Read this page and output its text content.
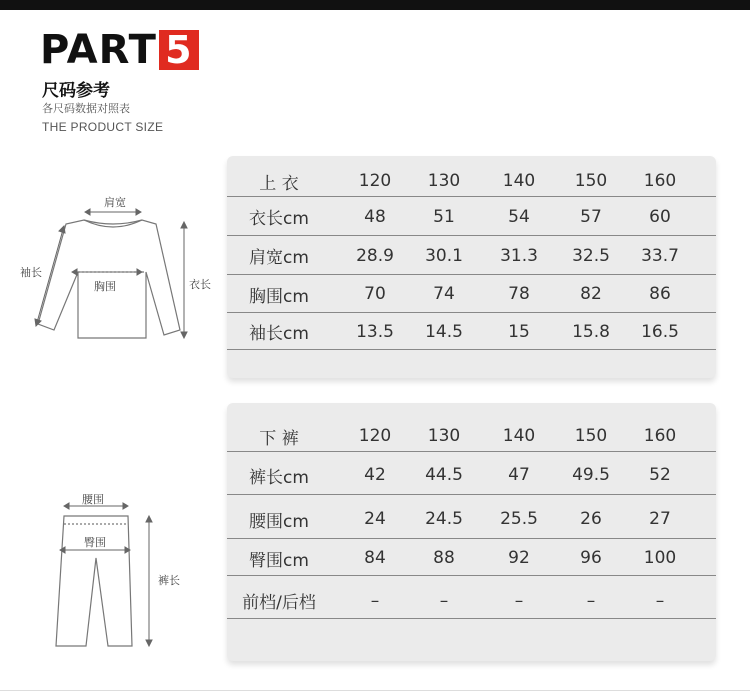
PART 5
尺码参考
各尺码数据对照表
THE PRODUCT SIZE
肩宽
袖长
胸围	衣长
上 衣	120 130	140 150 160
衣长cm	48	51	54	57	60
肩宽cm	28.9 30.1 31.3 32.5 33.7
胸围cm	70	74	78	82	86
袖长cm	13.5 14.5	15	15.8 16.5
腰围
臀围
裤长
下 裤	120 130	140 150 160
裤长cm	42	44.5	47	49.5	52
腰围cm	24	24.5 25.5	26	27
臀围cm	84	88	92	96	100
前档/后档	–	–	–	–	–
